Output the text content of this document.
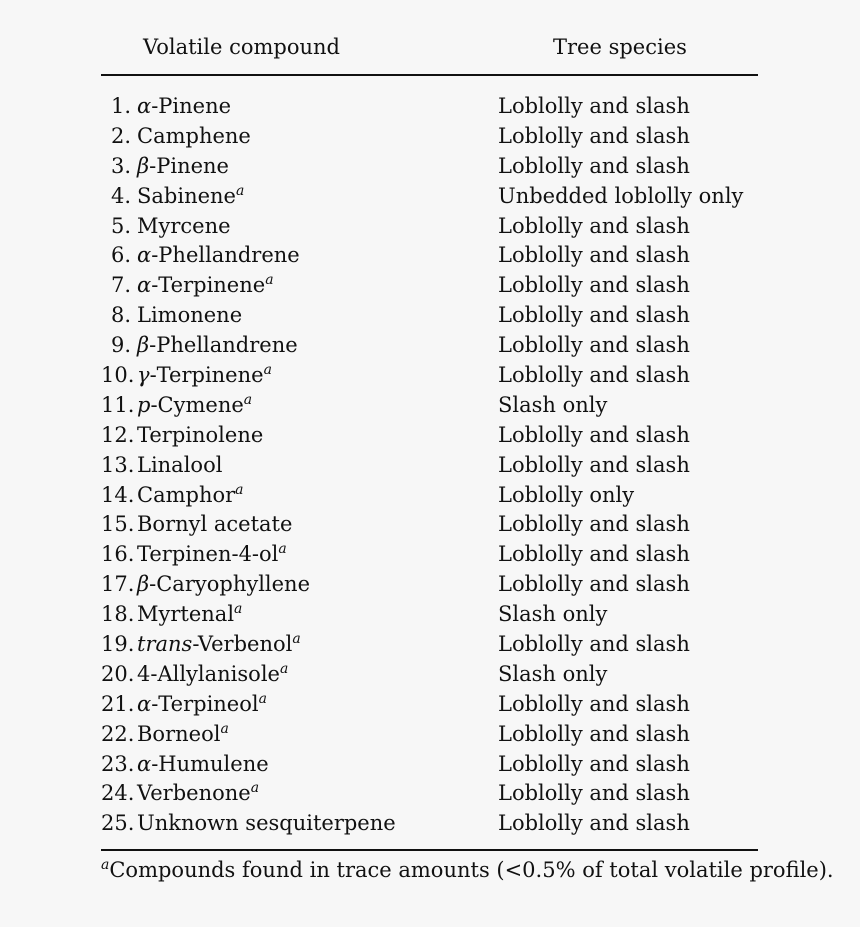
Volatile compound	Tree species
1. α-Pinene	Loblolly and slash
2. Camphene	Loblolly and slash
3. β-Pinene	Loblolly and slash
4. Sabinene$^a$	Unbedded loblolly only
5. Myrcene	Loblolly and slash
6. α-Phellandrene	Loblolly and slash
7. α-Terpinene$^a$	Loblolly and slash
8. Limonene	Loblolly and slash
9. β-Phellandrene	Loblolly and slash
10. γ-Terpinene$^a$	Loblolly and slash
11. p-Cymene$^a$	Slash only
12. Terpinolene	Loblolly and slash
13. Linalool	Loblolly and slash
14. Camphor$^a$	Loblolly only
15. Bornyl acetate	Loblolly and slash
16. Terpinen-$4-ol^a$	Loblolly and slash
17. β-Caryophyllene	Loblolly and slash
18. Myrtenal$^a$	Slash only
19. trans-Verbenol$^a$	Loblolly and slash
20. 4-Allylanisole$^a$	Slash only
21. α-Terpineol$^a$	Loblolly and slash
22. Borneol$^a$	Loblolly and slash
23. α-Humulene	Loblolly and slash
24. Verbenone$^a$	Loblolly and slash
25. Unknown sesquiterpene	Loblolly and slash
$^a$Compounds found in trace amounts (<0.5% of total volatile profile).
